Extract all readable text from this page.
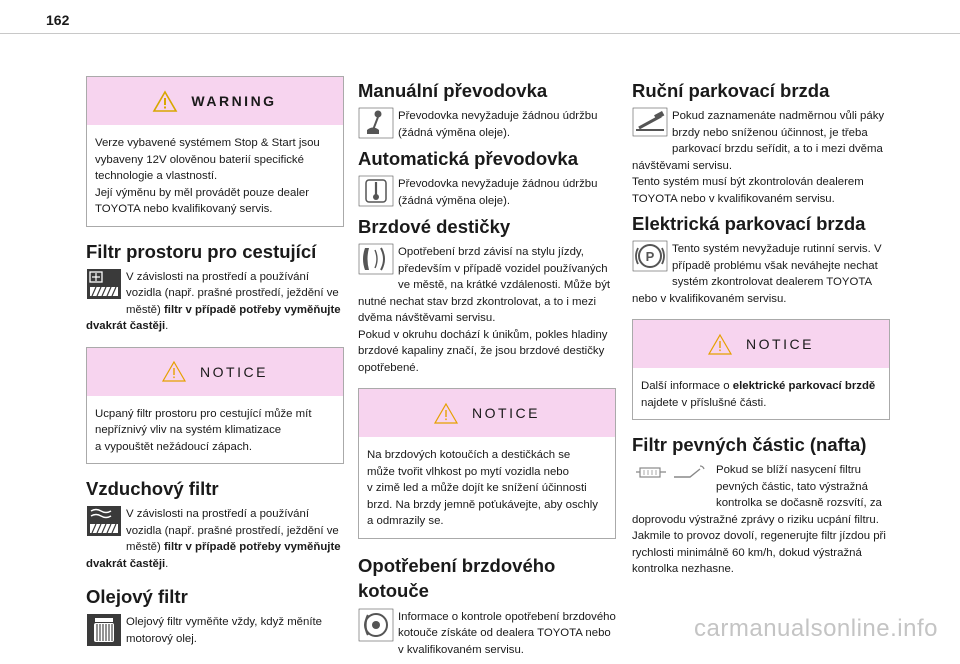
162
WARNING
Verze vybavené systémem Stop & Start jsou
vybaveny 12V olověnou baterií specifické
technologie a vlastností.
Její výměnu by měl provádět pouze dealer
TOYOTA nebo kvalifikovaný servis.
Filtr prostoru pro cestující

V závislosti na prostředí a používání vozidla (např. prašné prostředí, ježdění ve městě) filtr v případě potřeby vyměňujte dvakrát častěji.

NOTICE
Ucpaný filtr prostoru pro cestující může mít
nepříznivý vliv na systém klimatizace
a vypouštět nežádoucí zápach.
Vzduchový filtr

V závislosti na prostředí a používání vozidla (např. prašné prostředí, ježdění ve městě) filtr v případě potřeby vyměňujte dvakrát častěji.

Olejový filtr

Olejový filtr vyměňte vždy, když měníte motorový olej.

Manuální převodovka

Převodovka nevyžaduje žádnou údržbu (žádná výměna oleje).

Automatická převodovka

Převodovka nevyžaduje žádnou údržbu (žádná výměna oleje).

Brzdové destičky

Opotřebení brzd závisí na stylu jízdy, především v případě vozidel používaných ve městě, na krátké vzdálenosti. Může být nutné nechat stav brzd zkontrolovat, a to i mezi dvěma návštěvami servisu.

Pokud v okruhu dochází k únikům, pokles hladiny brzdové kapaliny značí, že jsou brzdové destičky opotřebené.

NOTICE
Na brzdových kotoučích a destičkách se
může tvořit vlhkost po mytí vozidla nebo
v zimě led a může dojít ke snížení účinnosti
brzd. Na brzdy jemně poťukávejte, aby oschly
a odmrazily se.
Opotřebení brzdového kotouče

Informace o kontrole opotřebení brzdového kotouče získáte od dealera TOYOTA nebo v kvalifikovaném servisu.

Ruční parkovací brzda

Pokud zaznamenáte nadměrnou vůli páky brzdy nebo sníženou účinnost, je třeba parkovací brzdu seřídit, a to i mezi dvěma návštěvami servisu.

Tento systém musí být zkontrolován dealerem TOYOTA nebo v kvalifikovaném servisu.

Elektrická parkovací brzda
P	Tento systém nevyžaduje rutinní servis. V případě problému však neváhejte nechat systém zkontrolovat dealerem TOYOTA nebo v kvalifikovaném servisu.

NOTICE
Další informace o elektrické parkovací brzdě najdete v příslušné části.
Filtr pevných částic (nafta)

Pokud se blíží nasycení filtru pevných částic, tato výstražná kontrolka se dočasně rozsvítí, za doprovodu výstražné zprávy o riziku ucpání filtru.

Jakmile to provoz dovolí, regenerujte filtr jízdou při rychlosti minimálně 60 km/h, dokud výstražná kontrolka nezhasne.

carmanualsonline.info
